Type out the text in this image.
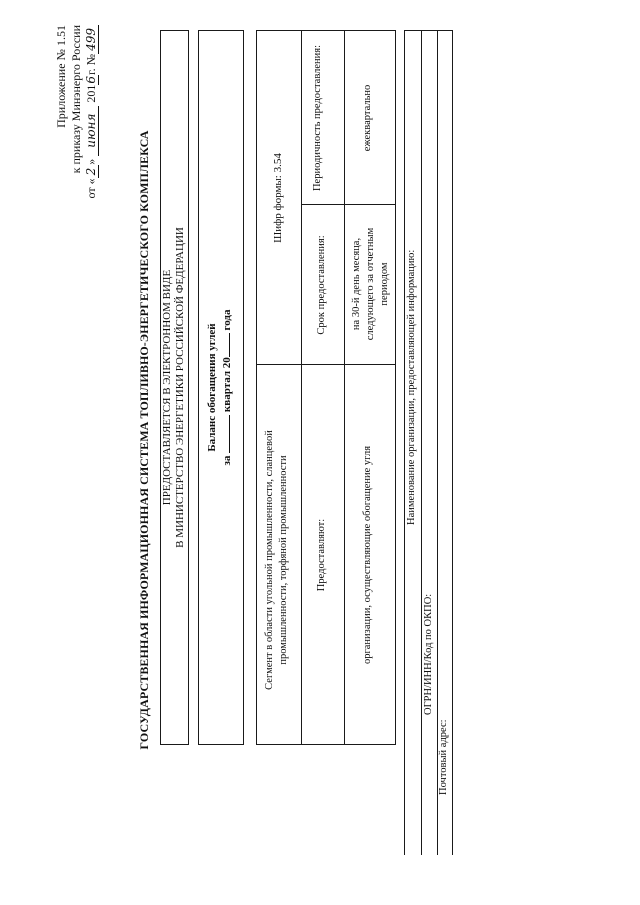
Приложение № 1.51 к приказу Минэнерго России
от «2» июня 2016г. №499
ГОСУДАРСТВЕННАЯ ИНФОРМАЦИОННАЯ СИСТЕМА ТОПЛИВНО-ЭНЕРГЕТИЧЕСКОГО КОМПЛЕКСА ПРЕДОСТАВЛЯЕТСЯ В ЭЛЕКТРОННОМ ВИДЕ В МИНИСТЕРСТВО ЭНЕРГЕТИКИ РОССИЙСКОЙ ФЕДЕРАЦИИ Баланс обогащения углей
за  квартал 20 года
Сегмент в области угольной промышленности, сланцевой промышленности, торфяной промышленности
Шифр формы: 3.54
Предоставляют:
Срок предоставления:
Периодичность предоставления:
организации, осуществляющие обогащение угля
на 30-й день месяца, следующего за отчетным периодом
ежеквартально
Наименование организации, предоставляющей информацию:
ОГРН/ИНН/Код по ОКПО:
Почтовый адрес:
